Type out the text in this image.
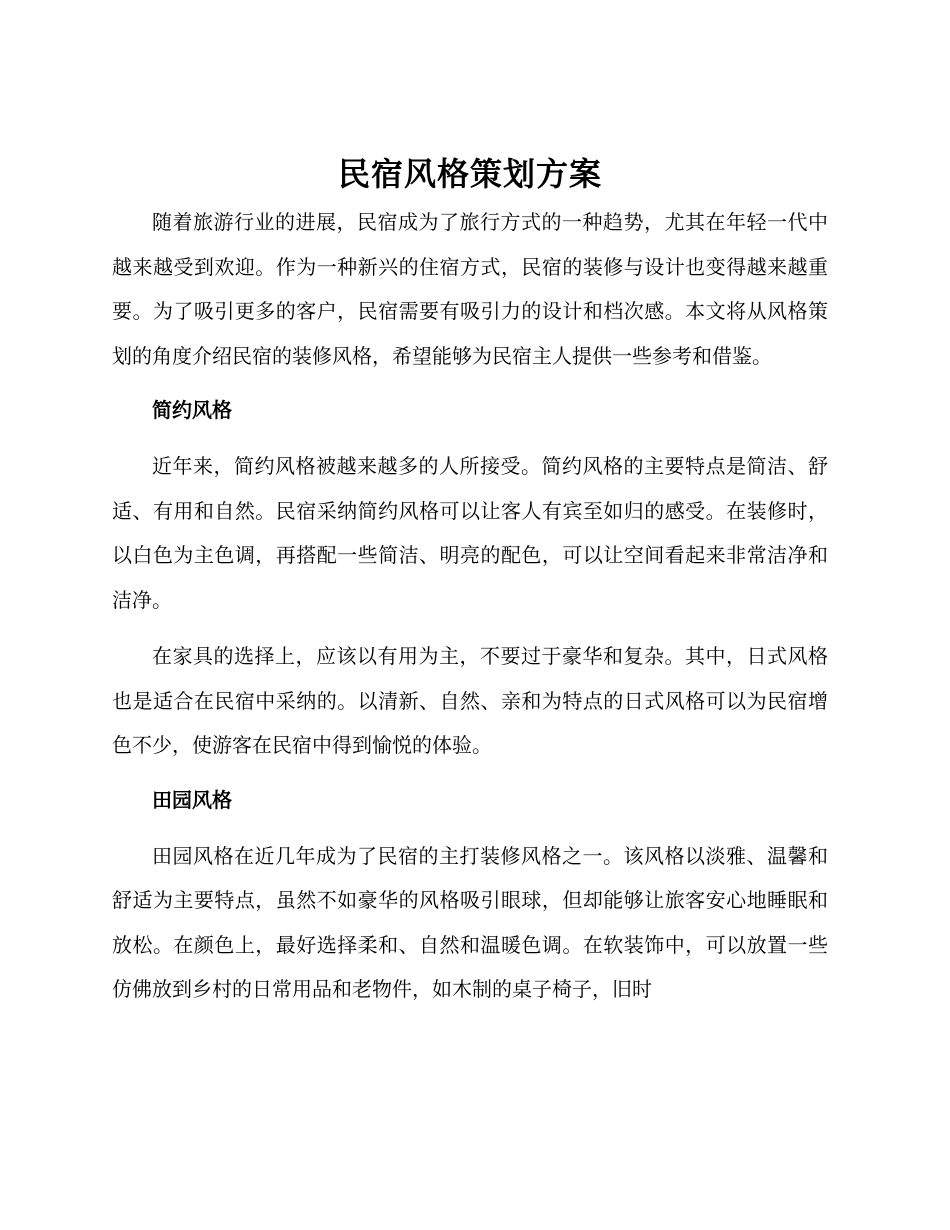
民宿风格策划方案

随着旅游行业的进展，民宿成为了旅行方式的一种趋势，尤其在年轻一代中越来越受到欢迎。作为一种新兴的住宿方式，民宿的装修与设计也变得越来越重要。为了吸引更多的客户，民宿需要有吸引力的设计和档次感。本文将从风格策划的角度介绍民宿的装修风格，希望能够为民宿主人提供一些参考和借鉴。

简约风格

近年来，简约风格被越来越多的人所接受。简约风格的主要特点是简洁、舒适、有用和自然。民宿采纳简约风格可以让客人有宾至如归的感受。在装修时，以白色为主色调，再搭配一些简洁、明亮的配色，可以让空间看起来非常洁净和洁净。

在家具的选择上，应该以有用为主，不要过于豪华和复杂。其中，日式风格也是适合在民宿中采纳的。以清新、自然、亲和为特点的日式风格可以为民宿增色不少，使游客在民宿中得到愉悦的体验。

田园风格

田园风格在近几年成为了民宿的主打装修风格之一。该风格以淡雅、温馨和舒适为主要特点，虽然不如豪华的风格吸引眼球，但却能够让旅客安心地睡眠和放松。在颜色上，最好选择柔和、自然和温暖色调。在软装饰中，可以放置一些仿佛放到乡村的日常用品和老物件，如木制的桌子椅子，旧时
